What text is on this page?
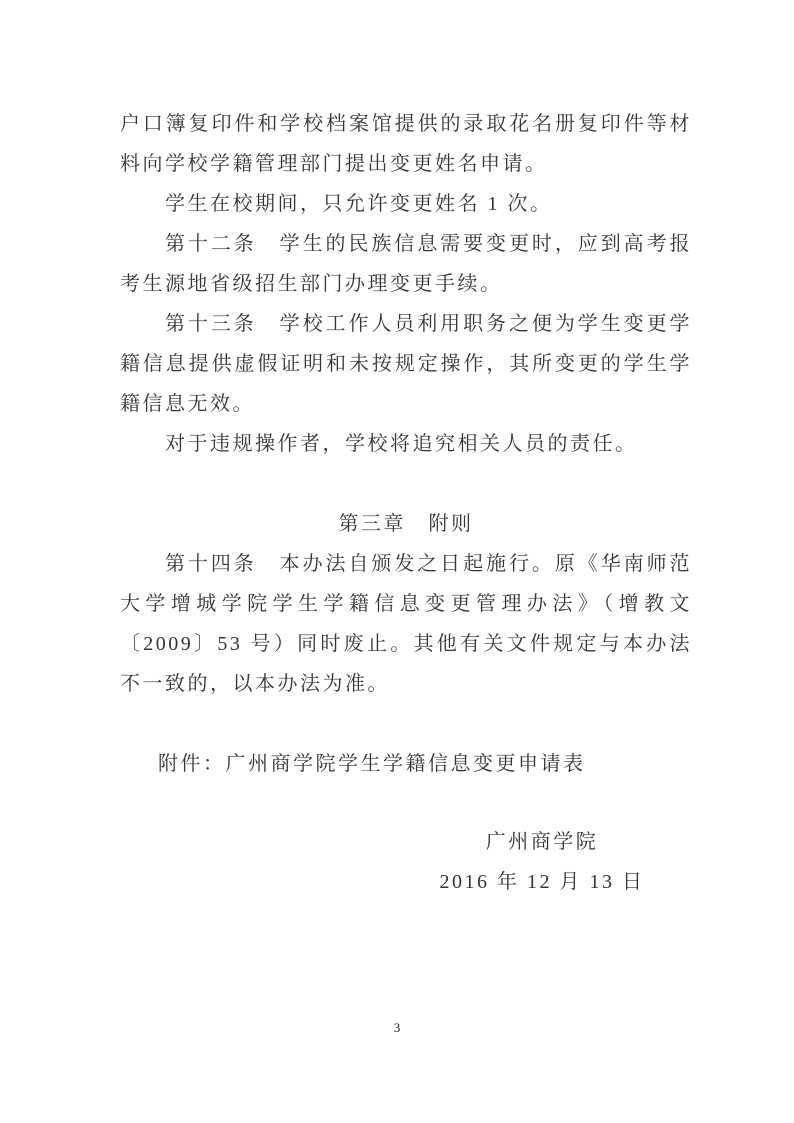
户口簿复印件和学校档案馆提供的录取花名册复印件等材料向学校学籍管理部门提出变更姓名申请。

学生在校期间，只允许变更姓名 1 次。

第十二条　学生的民族信息需要变更时，应到高考报考生源地省级招生部门办理变更手续。

第十三条　学校工作人员利用职务之便为学生变更学籍信息提供虚假证明和未按规定操作，其所变更的学生学籍信息无效。

对于违规操作者，学校将追究相关人员的责任。

第三章　附则

第十四条　本办法自颁发之日起施行。原《华南师范大学增城学院学生学籍信息变更管理办法》（增教文〔2009〕53 号）同时废止。其他有关文件规定与本办法不一致的，以本办法为准。

附件：广州商学院学生学籍信息变更申请表

广州商学院
2016 年 12 月 13 日
3
